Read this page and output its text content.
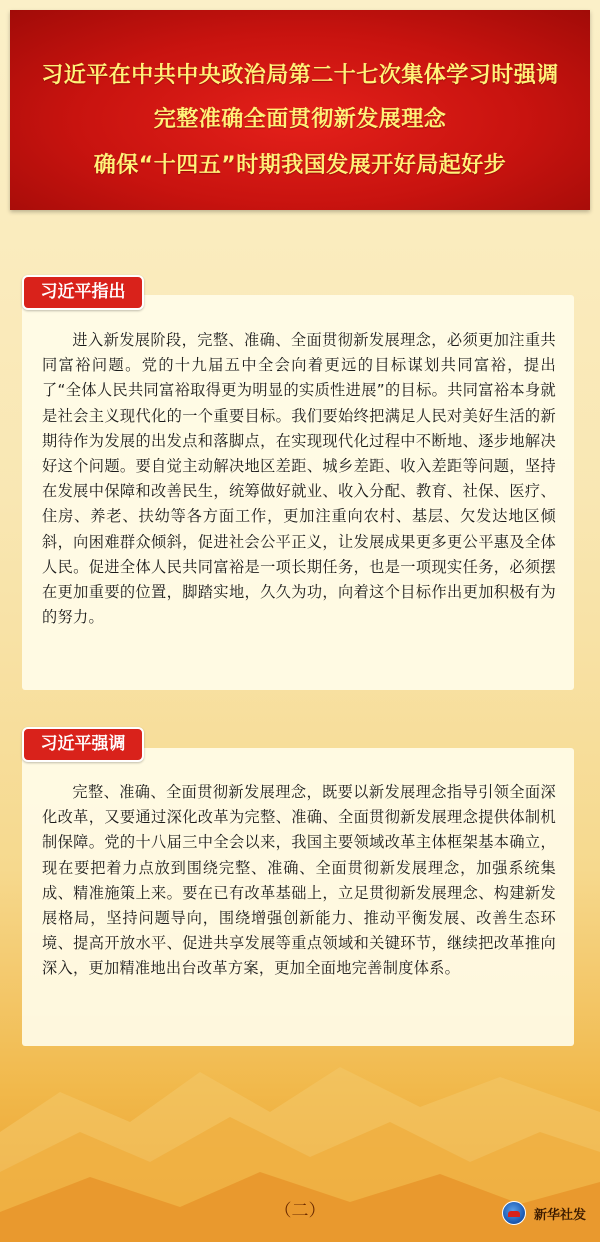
习近平在中共中央政治局第二十七次集体学习时强调
完整准确全面贯彻新发展理念
确保“十四五”时期我国发展开好局起好步
习近平指出

进入新发展阶段，完整、准确、全面贯彻新发展理念，必须更加注重共同富裕问题。党的十九届五中全会向着更远的目标谋划共同富裕，提出了“全体人民共同富裕取得更为明显的实质性进展”的目标。共同富裕本身就是社会主义现代化的一个重要目标。我们要始终把满足人民对美好生活的新期待作为发展的出发点和落脚点，在实现现代化过程中不断地、逐步地解决好这个问题。要自觉主动解决地区差距、城乡差距、收入差距等问题，坚持在发展中保障和改善民生，统筹做好就业、收入分配、教育、社保、医疗、住房、养老、扶幼等各方面工作，更加注重向农村、基层、欠发达地区倾斜，向困难群众倾斜，促进社会公平正义，让发展成果更多更公平惠及全体人民。促进全体人民共同富裕是一项长期任务，也是一项现实任务，必须摆在更加重要的位置，脚踏实地，久久为功，向着这个目标作出更加积极有为的努力。

习近平强调

完整、准确、全面贯彻新发展理念，既要以新发展理念指导引领全面深化改革，又要通过深化改革为完整、准确、全面贯彻新发展理念提供体制机制保障。党的十八届三中全会以来，我国主要领域改革主体框架基本确立，现在要把着力点放到围绕完整、准确、全面贯彻新发展理念，加强系统集成、精准施策上来。要在已有改革基础上，立足贯彻新发展理念、构建新发展格局，坚持问题导向，围绕增强创新能力、推动平衡发展、改善生态环境、提高开放水平、促进共享发展等重点领域和关键环节，继续把改革推向深入，更加精准地出台改革方案，更加全面地完善制度体系。

（二）	新华社发
